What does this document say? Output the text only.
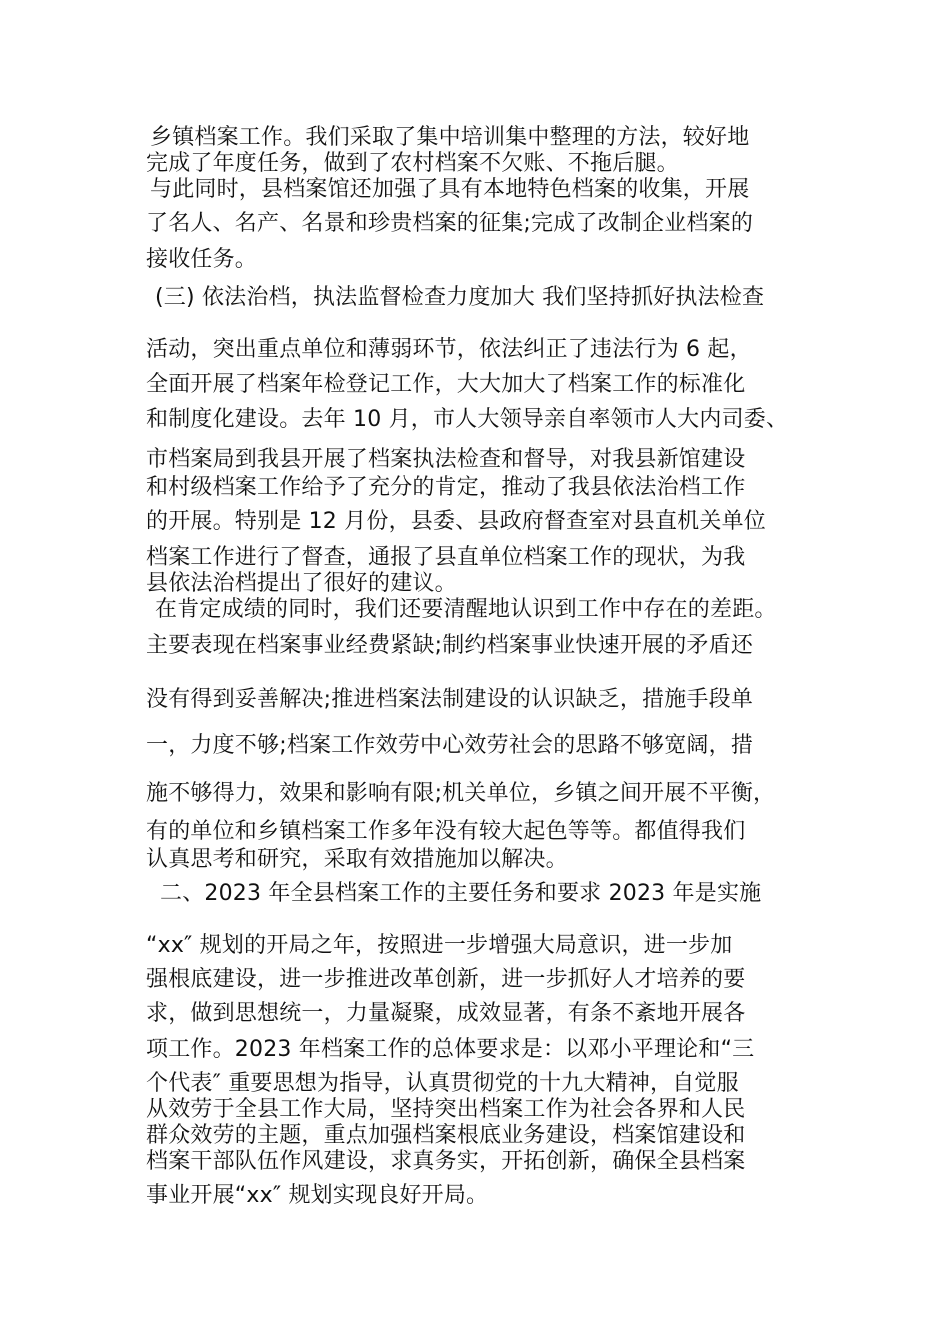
乡镇档案工作。我们采取了集中培训集中整理的方法，较好地
完成了年度任务，做到了农村档案不欠账、不拖后腿。
与此同时，县档案馆还加强了具有本地特色档案的收集，开展
了名人、名产、名景和珍贵档案的征集;完成了改制企业档案的
接收任务。
(三) 依法治档，执法监督检查力度加大 我们坚持抓好执法检查
活动，突出重点单位和薄弱环节，依法纠正了违法行为 6 起，
全面开展了档案年检登记工作，大大加大了档案工作的标准化
和制度化建设。去年 10 月，市人大领导亲自率领市人大内司委、
市档案局到我县开展了档案执法检查和督导，对我县新馆建设
和村级档案工作给予了充分的肯定，推动了我县依法治档工作
的开展。特别是 12 月份，县委、县政府督查室对县直机关单位
档案工作进行了督查，通报了县直单位档案工作的现状，为我
县依法治档提出了很好的建议。
在肯定成绩的同时，我们还要清醒地认识到工作中存在的差距。
主要表现在档案事业经费紧缺;制约档案事业快速开展的矛盾还
没有得到妥善解决;推进档案法制建设的认识缺乏，措施手段单
一，力度不够;档案工作效劳中心效劳社会的思路不够宽阔，措
施不够得力，效果和影响有限;机关单位，乡镇之间开展不平衡，
有的单位和乡镇档案工作多年没有较大起色等等。都值得我们
认真思考和研究，采取有效措施加以解决。
二、2023 年全县档案工作的主要任务和要求 2023 年是实施
“xx″ 规划的开局之年，按照进一步增强大局意识，进一步加
强根底建设，进一步推进改革创新，进一步抓好人才培养的要
求，做到思想统一，力量凝聚，成效显著，有条不紊地开展各
项工作。2023 年档案工作的总体要求是：以邓小平理论和“三
个代表″ 重要思想为指导，认真贯彻党的十九大精神，自觉服
从效劳于全县工作大局，坚持突出档案工作为社会各界和人民
群众效劳的主题，重点加强档案根底业务建设，档案馆建设和
档案干部队伍作风建设，求真务实，开拓创新，确保全县档案
事业开展“xx″ 规划实现良好开局。
